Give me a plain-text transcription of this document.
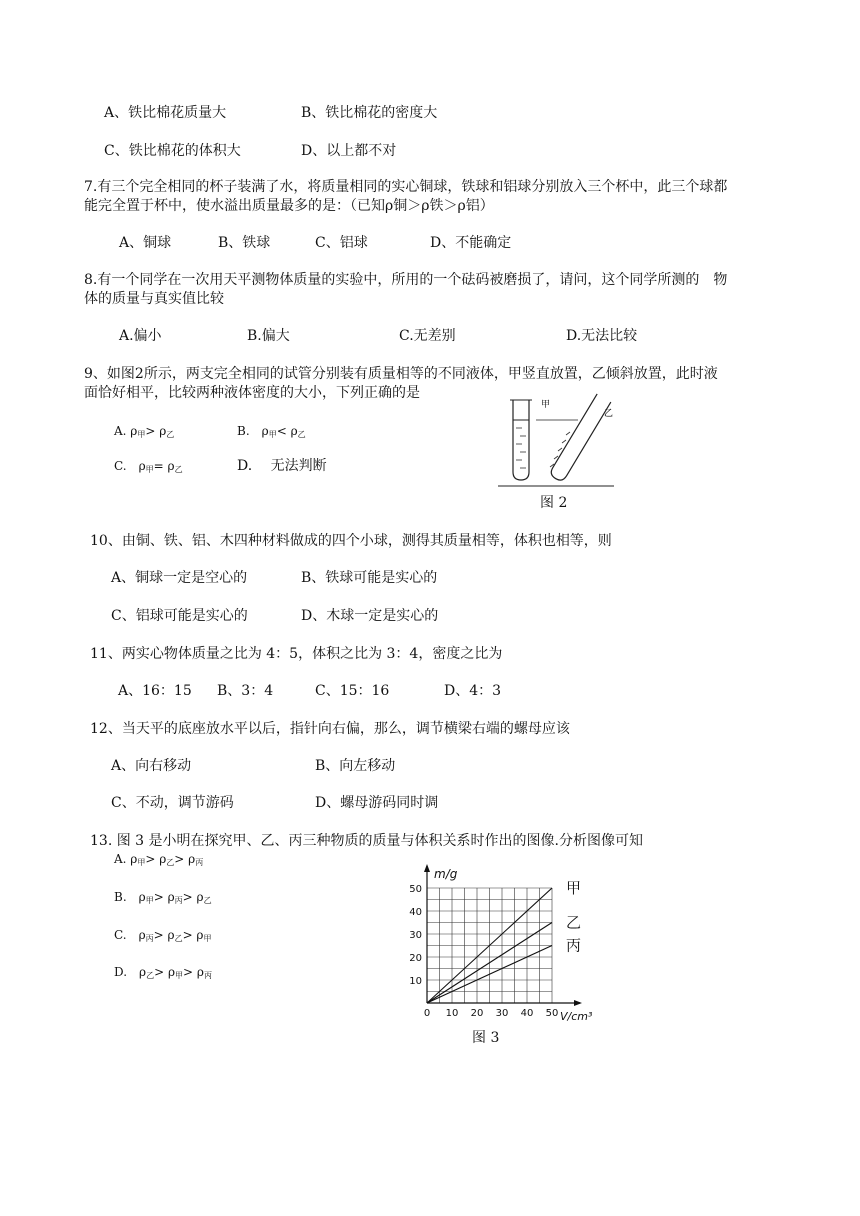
A、铁比棉花质量大	B、铁比棉花的密度大
C、铁比棉花的体积大	D、以上都不对
7.有三个完全相同的杯子装满了水，将质量相同的实心铜球，铁球和铝球分别放入三个杯中，此三个球都
能完全置于杯中，使水溢出质量最多的是：（已知ρ铜＞ρ铁＞ρ铝）
A、铜球	B、铁球	C、铝球	D、不能确定
8.有一个同学在一次用天平测物体质量的实验中，所用的一个砝码被磨损了，请问，这个同学所测的　物
体的质量与真实值比较
A.偏小	B.偏大	C.无差别	D.无法比较
9、如图2所示，两支完全相同的试管分别装有质量相等的不同液体，甲竖直放置，乙倾斜放置，此时液
面恰好相平，比较两种液体密度的大小，下列正确的是
A. $\rho_甲> \rho_乙$	B.　$\rho_甲< \rho_乙$
C.　$\rho_甲= \rho_乙$	D.　 无法判断
甲
乙
图 2
10、由铜、铁、铝、木四种材料做成的四个小球，测得其质量相等，体积也相等，则
A、铜球一定是空心的	B、铁球可能是实心的
C、铝球可能是实心的	D、木球一定是实心的
11、两实心物体质量之比为 4：5，体积之比为 3：4，密度之比为
A、16：15 B、3：4	C、15：16	D、4：3
12、当天平的底座放水平以后，指针向右偏，那么，调节横梁右端的螺母应该
A、向右移动	B、向左移动
C、不动，调节游码	D、螺母游码同时调
13. 图 3 是小明在探究甲、乙、丙三种物质的质量与体积关系时作出的图像.分析图像可知
A. $\rho_甲> \rho_乙> \rho_丙$
B.　$\rho_甲> \rho_丙> \rho_乙$
C.　$\rho_丙> \rho_乙> \rho_甲$
D.　$\rho_乙> \rho_甲> \rho_丙$
0 10 20 30 40 50
10
20
30
40
50	甲
乙
丙
m/g
V/cm³
图 3
